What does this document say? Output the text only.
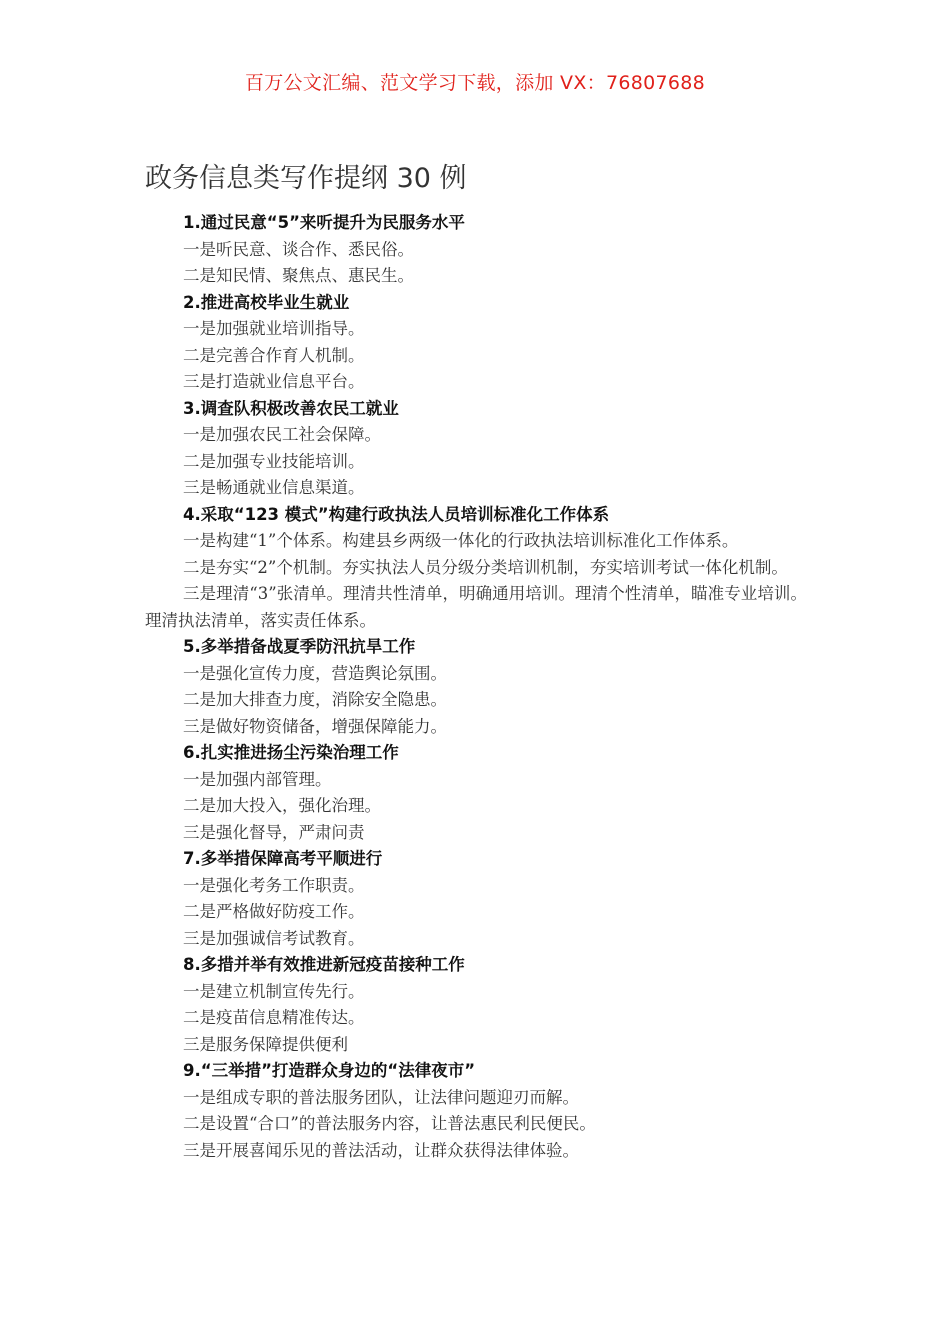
百万公文汇编、范文学习下载，添加 VX：76807688
政务信息类写作提纲 30 例
1.通过民意“5”来听提升为民服务水平
一是听民意、谈合作、悉民俗。
二是知民情、聚焦点、惠民生。
2.推进高校毕业生就业
一是加强就业培训指导。
二是完善合作育人机制。
三是打造就业信息平台。
3.调查队积极改善农民工就业
一是加强农民工社会保障。
二是加强专业技能培训。
三是畅通就业信息渠道。
4.采取“123 模式”构建行政执法人员培训标准化工作体系
一是构建“1”个体系。构建县乡两级一体化的行政执法培训标准化工作体系。
二是夯实“2”个机制。夯实执法人员分级分类培训机制，夯实培训考试一体化机制。
三是理清“3”张清单。理清共性清单，明确通用培训。理清个性清单，瞄准专业培训。理清执法清单，落实责任体系。
5.多举措备战夏季防汛抗旱工作
一是强化宣传力度，营造舆论氛围。
二是加大排查力度，消除安全隐患。
三是做好物资储备，增强保障能力。
6.扎实推进扬尘污染治理工作
一是加强内部管理。
二是加大投入，强化治理。
三是强化督导，严肃问责
7.多举措保障高考平顺进行
一是强化考务工作职责。
二是严格做好防疫工作。
三是加强诚信考试教育。
8.多措并举有效推进新冠疫苗接种工作
一是建立机制宣传先行。
二是疫苗信息精准传达。
三是服务保障提供便利
9.“三举措”打造群众身边的“法律夜市”
一是组成专职的普法服务团队，让法律问题迎刃而解。
二是设置“合口”的普法服务内容，让普法惠民利民便民。
三是开展喜闻乐见的普法活动，让群众获得法律体验。
